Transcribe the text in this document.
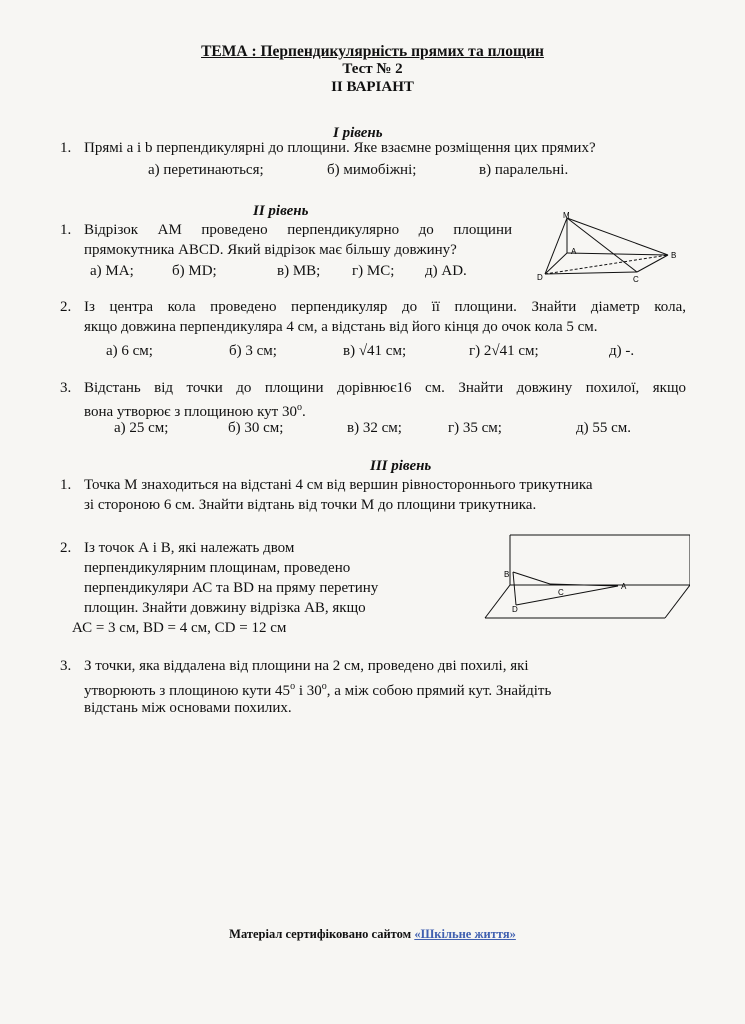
ТЕМА : Перпендикулярність прямих та площин
Тест № 2
ІІ ВАРІАНТ
І рівень
1. Прямі a і b перпендикулярні до площини. Яке взаємне розміщення цих прямих?
а) перетинаються;	б) мимобіжні;	в) паралельні.
ІІ рівень
1. Відрізок АМ проведено перпендикулярно до площини
прямокутника АВСD. Який відрізок має більшу довжину?
а) МА;	б) МD;	в) МВ; г) МС; д) AD.
M
A	B
C
D
2. Із центра кола проведено перпендикуляр до її площини. Знайти діаметр кола,
якщо довжина перпендикуляра 4 см, а відстань від його кінця до очок кола 5 см.
а) 6 см;	б) 3 см;	в) √41 см;	г) 2√41 см;	д) -.
3. Відстань від точки до площини дорівнює16 см. Знайти довжину похилої, якщо
вона утворює з площиною кут $30^о$.
а) 25 см;	б) 30 см;	в) 32 см;	г) 35 см;	д) 55 см.
ІІІ рівень
1. Точка М знаходиться на відстані 4 см від вершин рівностороннього трикутника
зі стороною 6 см. Знайти відтань від точки М до площини трикутника.
2. Із точок А і В, які належать двом
перпендикулярним площинам, проведено
перпендикуляри АС та ВD на пряму перетину
площин. Знайти довжину відрізка АВ, якщо
АС = 3 см, ВD = 4 см, СD = 12 см
B
A
C
D
3. З точки, яка віддалена від площини на 2 см, проведено дві похилі, які
утворюють з площиною кути $45^о$ і $30^о$, а між собою прямий кут. Знайдіть
відстань між основами похилих.
Матеріал сертифіковано сайтом «Шкільне життя»
